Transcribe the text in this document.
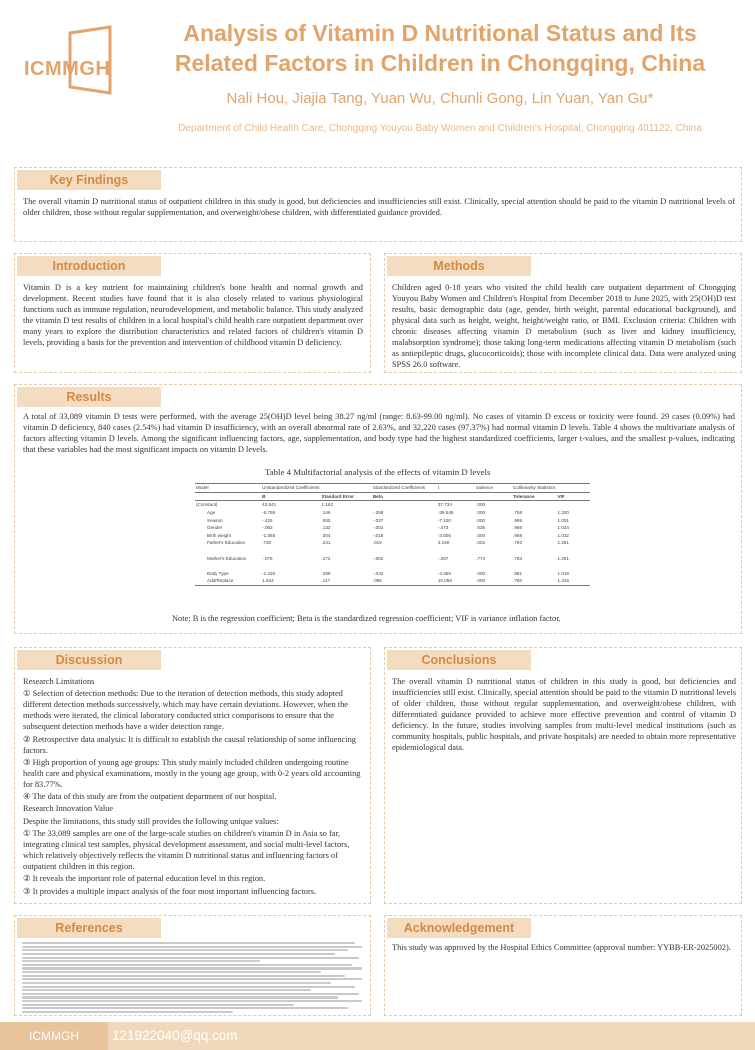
ICMMGH
Analysis of Vitamin D Nutritional Status and Its
Related Factors in Children in Chongqing, China
Nali Hou, Jiajia Tang, Yuan Wu, Chunli Gong, Lin Yuan, Yan Gu*
Department of Child Health Care, Chongqing Youyou Baby Women and Children's Hospital, Chongqing 401122, China
Key Findings
The overall vitamin D nutritional status of outpatient children in this study is good, but deficiencies and insufficiencies still exist. Clinically, special attention should be paid to the vitamin D nutritional levels of older children, those without regular supplementation, and overweight/obese children, with differentiated guidance provided.
Introduction
Vitamin D is a key nutrient for maintaining children's bone health and normal growth and development. Recent studies have found that it is also closely related to various physiological functions such as immune regulation, neurodevelopment, and metabolic balance. This study analyzed the vitamin D test results of children in a local hospital's child health care outpatient department over many years to explore the distribution characteristics and related factors of children's vitamin D levels, providing a basis for the prevention and intervention of childhood vitamin D deficiency.
Methods
Children aged 0-18 years who visited the child health care outpatient department of Chongqing Youyou Baby Women and Children's Hospital from December 2018 to June 2025, with 25(OH)D test results, basic demographic data (age, gender, birth weight, parental educational background), and physical data such as height, weight, height/weight ratio, or BMI. Exclusion criteria: Children with chronic diseases affecting vitamin D metabolism (such as liver and kidney insufficiency, malabsorption syndrome); those taking long-term medications affecting vitamin D metabolism (such as antiepileptic drugs, glucocorticoids); those with incomplete clinical data. Data were analyzed using SPSS 26.0 software.
Results
A total of 33,089 vitamin D tests were performed, with the average 25(OH)D level being 38.27 ng/ml (range: 8.63-99.00 ng/ml). No cases of vitamin D excess or toxicity were found. 29 cases (0.09%) had vitamin D deficiency, 840 cases (2.54%) had vitamin D insufficiency, with an overall abnormal rate of 2.63%, and 32,220 cases (97.37%) had normal vitamin D levels. Table 4 shows the multivariate analysis of factors affecting vitamin D levels. Among the significant influencing factors, age, supplementation, and body type had the highest standardized coefficients, larger t-values, and the smallest p-values, indicating that these variables had the most significant impacts on vitamin D levels.
Table 4 Multifactorial analysis of the effects of vitamin D levels
Model	Unstandardized Coefficients		Standardized Coefficients	t	salience	Collinearity Statistics	
	B	Standard Error	Beta			Tolerance	VIF
(Constant)	43.841	1.162		37.734	.000		
Age	-5.795	.146	-.258	-39.545	.000	.758	1.320
Season	-.425	.060	-.037	-7.100	.000	.999	1.001
Gender	-.062	.132	-.002	-.473	.636	.966	1.034
Birth weight	-1.065	.304	-.018	-3.506	.000	.968	1.032
Father's Education	.730	.231	.019	3.160	.002	.793	1.261

Mother's Education	-.078	.272	-.002	-.287	.774	.793	1.261

Body Type	-1.230	.299	-.032	-4.358	.000	.981	1.019
Add/Replace	1.844	.117	.096	16.058	.000	.760	1.316
Note: B is the regression coefficient; Beta is the standardized regression coefficient; VIF is variance inflation factor.
Discussion

Research Limitations

① Selection of detection methods: Due to the iteration of detection methods, this study adopted different detection methods successively, which may have certain deviations. However, when the methods were iterated, the clinical laboratory conducted strict comparisons to ensure that the subsequent detection methods have a wider detection range.

② Retrospective data analysis: It is difficult to establish the causal relationship of some influencing factors.

③ High proportion of young age groups: This study mainly included children undergoing routine health care and physical examinations, mostly in the young age group, with 0-2 years old accounting for 83.77%.

④ The data of this study are from the outpatient department of our hospital.

Research Innovation Value

Despite the limitations, this study still provides the following unique values:

① The 33,089 samples are one of the large-scale studies on children's vitamin D in Asia so far, integrating clinical test samples, physical development assessment, and social multi-level factors, which relatively objectively reflects the vitamin D nutritional status and influencing factors of outpatient children in this region.

② It reveals the important role of paternal education level in this region.

③ It provides a multiple impact analysis of the four most important influencing factors.

Conclusions
The overall vitamin D nutritional status of children in this study is good, but deficiencies and insufficiencies still exist. Clinically, special attention should be paid to the vitamin D nutritional levels of older children, those without regular supplementation, and overweight/obese children, with differentiated guidance provided to achieve more effective prevention and control of vitamin D deficiency. In the future, studies involving samples from multi-level medical institutions (such as community hospitals, public hospitals, and private hospitals) are needed to obtain more representative epidemiological data.
References	Acknowledgement
This study was approved by the Hospital Ethics Committee (approval number: YYBB-ER-2025002).
ICMMGH	121922040@qq.com
